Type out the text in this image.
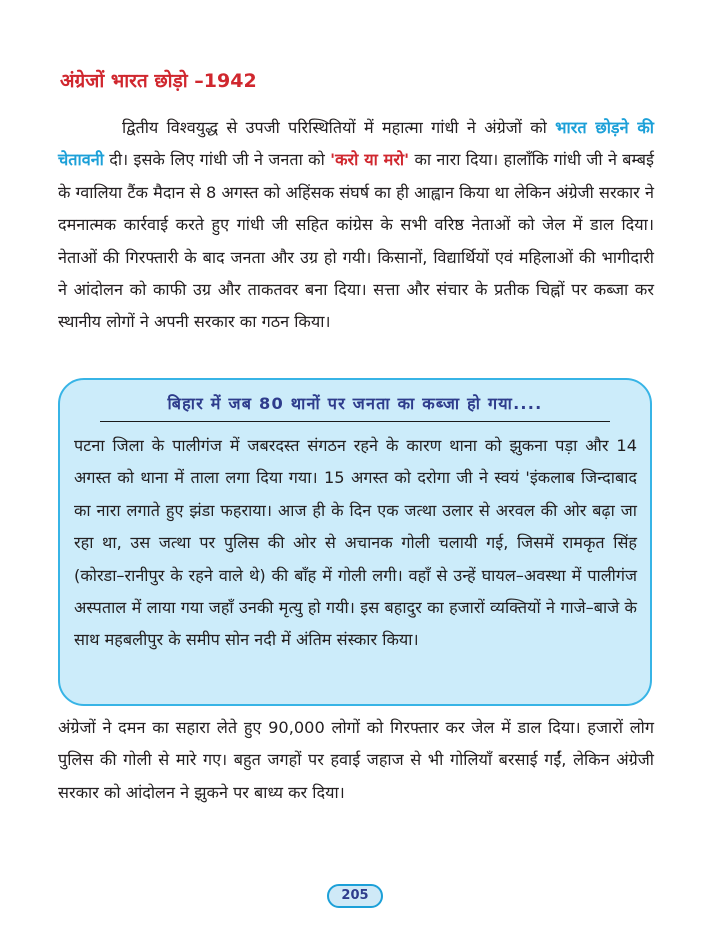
अंग्रेजों भारत छोड़ो –1942

द्वितीय विश्वयुद्ध से उपजी परिस्थितियों में महात्मा गांधी ने अंग्रेजों को भारत छोड़ने की चेतावनी दी। इसके लिए गांधी जी ने जनता को 'करो या मरो' का नारा दिया। हालाँकि गांधी जी ने बम्बई के ग्वालिया टैंक मैदान से 8 अगस्त को अहिंसक संघर्ष का ही आह्वान किया था लेकिन अंग्रेजी सरकार ने दमनात्मक कार्रवाई करते हुए गांधी जी सहित कांग्रेस के सभी वरिष्ठ नेताओं को जेल में डाल दिया। नेताओं की गिरफ्तारी के बाद जनता और उग्र हो गयी। किसानों, विद्यार्थियों एवं महिलाओं की भागीदारी ने आंदोलन को काफी उग्र और ताकतवर बना दिया। सत्ता और संचार के प्रतीक चिह्नों पर कब्जा कर स्थानीय लोगों ने अपनी सरकार का गठन किया।

बिहार में जब 80 थानों पर जनता का कब्जा हो गया....

पटना जिला के पालीगंज में जबरदस्त संगठन रहने के कारण थाना को झुकना पड़ा और 14 अगस्त को थाना में ताला लगा दिया गया। 15 अगस्त को दरोगा जी ने स्वयं 'इंकलाब जिन्दाबाद का नारा लगाते हुए झंडा फहराया। आज ही के दिन एक जत्था उलार से अरवल की ओर बढ़ा जा रहा था, उस जत्था पर पुलिस की ओर से अचानक गोली चलायी गई, जिसमें रामकृत सिंह (कोरडा–रानीपुर के रहने वाले थे) की बाँह में गोली लगी। वहाँ से उन्हें घायल–अवस्था में पालीगंज अस्पताल में लाया गया जहाँ उनकी मृत्यु हो गयी। इस बहादुर का हजारों व्यक्तियों ने गाजे–बाजे के साथ महबलीपुर के समीप सोन नदी में अंतिम संस्कार किया।

अंग्रेजों ने दमन का सहारा लेते हुए 90,000 लोगों को गिरफ्तार कर जेल में डाल दिया। हजारों लोग पुलिस की गोली से मारे गए। बहुत जगहों पर हवाई जहाज से भी गोलियाँ बरसाई गईं, लेकिन अंग्रेजी सरकार को आंदोलन ने झुकने पर बाध्य कर दिया।

205
